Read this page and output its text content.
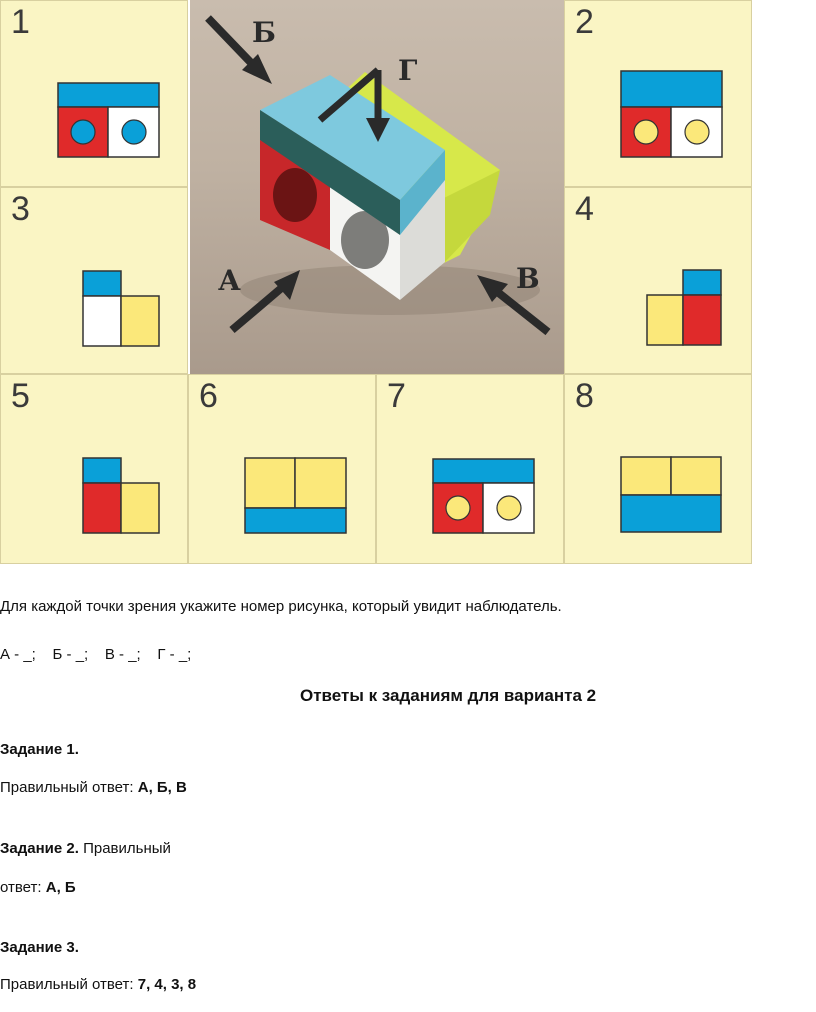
1	Б
Г
А	В
2
3	4
5	6	7	8
Для каждой точки зрения укажите номер рисунка, который увидит наблюдатель.
А - _;    Б - _;    В - _;    Г - _;
Ответы к заданиям для варианта 2
Задание 1.
Правильный ответ: А, Б, В
Задание 2. Правильный
ответ: А, Б
Задание 3.
Правильный ответ: 7, 4, 3, 8
